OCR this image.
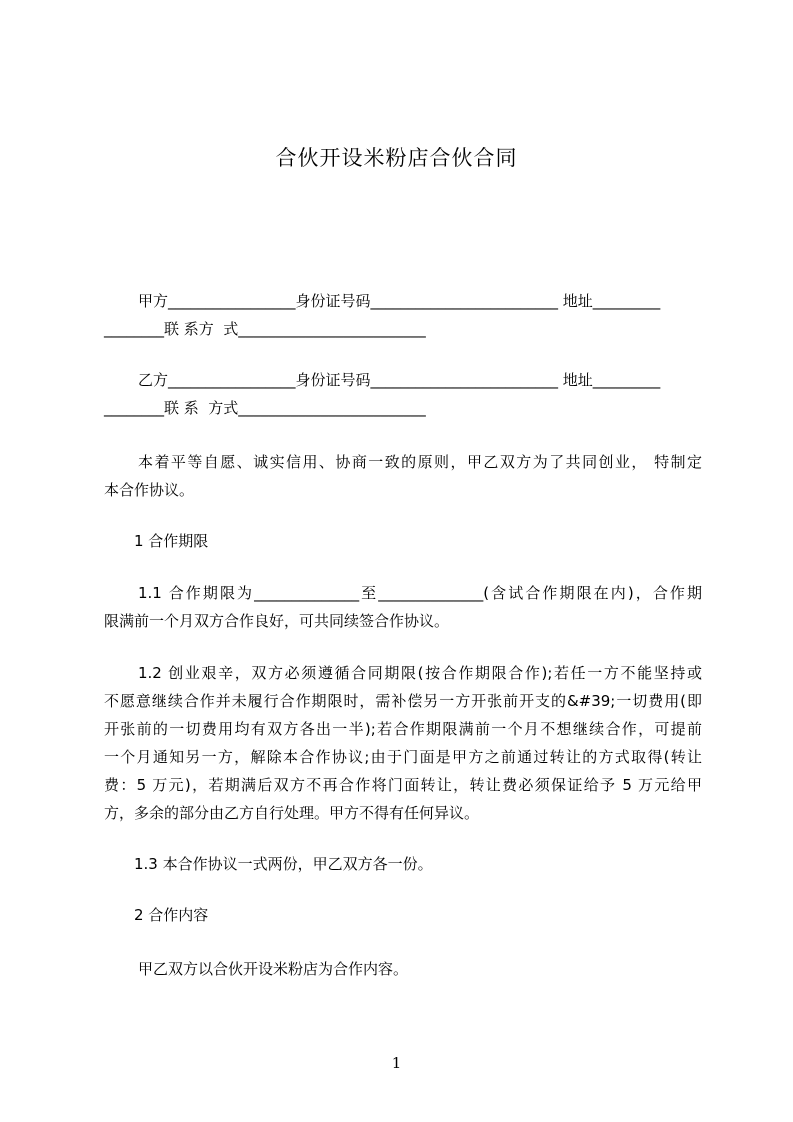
合伙开设米粉店合伙合同
甲方_________________身份证号码_________________________ 地址_________
________联 系方  式_________________________
乙方_________________身份证号码_________________________ 地址_________
________联 系  方式_________________________
本着平等自愿、诚实信用、协商一致的原则，甲乙双方为了共同创业， 特制定
本合作协议。
1 合作期限
1.1 合作期限为______________至______________(含试合作期限在内)，合作期
限满前一个月双方合作良好，可共同续签合作协议。
1.2 创业艰辛，双方必须遵循合同期限(按合作期限合作);若任一方不能坚持或
不愿意继续合作并未履行合作期限时，需补偿另一方开张前开支的&#39;一切费用(即
开张前的一切费用均有双方各出一半);若合作期限满前一个月不想继续合作，可提前
一个月通知另一方，解除本合作协议;由于门面是甲方之前通过转让的方式取得(转让
费：5 万元)，若期满后双方不再合作将门面转让，转让费必须保证给予 5 万元给甲
方，多余的部分由乙方自行处理。甲方不得有任何异议。
1.3 本合作协议一式两份，甲乙双方各一份。
2 合作内容
甲乙双方以合伙开设米粉店为合作内容。
1
